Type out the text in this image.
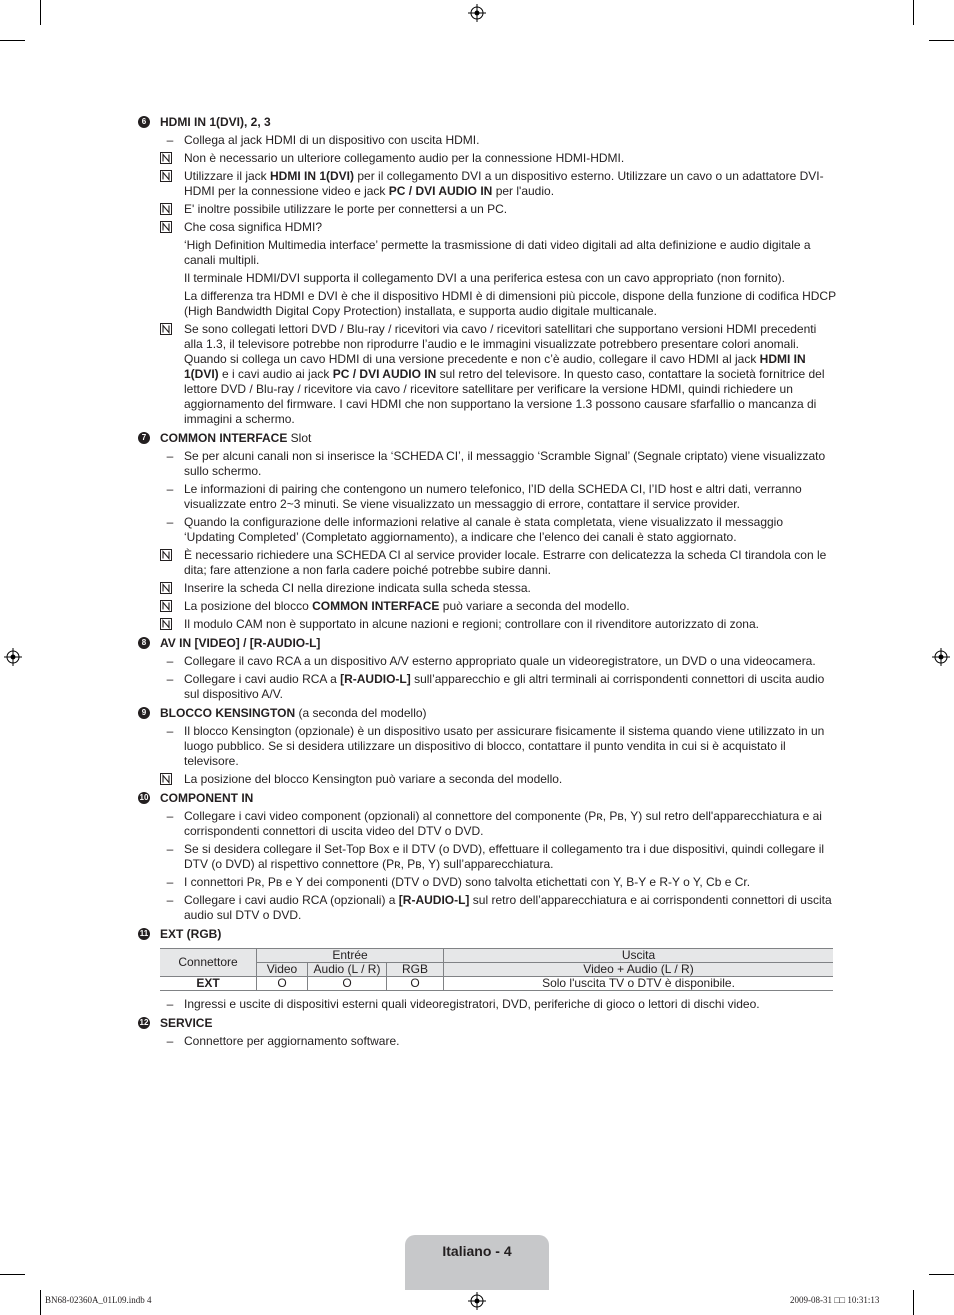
6	HDMI IN 1(DVI), 2, 3
– Collega al jack HDMI di un dispositivo con uscita HDMI.
Non è necessario un ulteriore collegamento audio per la connessione HDMI-HDMI.
Utilizzare il jack HDMI IN 1(DVI) per il collegamento DVI a un dispositivo esterno. Utilizzare un cavo o un adattatore DVI-HDMI per la connessione video e jack PC / DVI AUDIO IN per l'audio.
E' inoltre possibile utilizzare le porte per connettersi a un PC.
Che cosa significa HDMI?
‘High Definition Multimedia interface’ permette la trasmissione di dati video digitali ad alta definizione e audio digitale a canali multipli.
Il terminale HDMI/DVI supporta il collegamento DVI a una periferica estesa con un cavo appropriato (non fornito).
La differenza tra HDMI e DVI è che il dispositivo HDMI è di dimensioni più piccole, dispone della funzione di codifica HDCP (High Bandwidth Digital Copy Protection) installata, e supporta audio digitale multicanale.
Se sono collegati lettori DVD / Blu-ray / ricevitori via cavo / ricevitori satellitari che supportano versioni HDMI precedenti alla 1.3, il televisore potrebbe non riprodurre l’audio e le immagini visualizzate potrebbero presentare colori anomali. Quando si collega un cavo HDMI di una versione precedente e non c’è audio, collegare il cavo HDMI al jack HDMI IN 1(DVI) e i cavi audio ai jack PC / DVI AUDIO IN sul retro del televisore. In questo caso, contattare la società fornitrice del lettore DVD / Blu-ray / ricevitore via cavo / ricevitore satellitare per verificare la versione HDMI, quindi richiedere un aggiornamento del firmware. I cavi HDMI che non supportano la versione 1.3 possono causare sfarfallio o mancanza di immagini a schermo.
7	COMMON INTERFACE Slot
– Se per alcuni canali non si inserisce la ‘SCHEDA CI’, il messaggio ‘Scramble Signal’ (Segnale criptato) viene visualizzato sullo schermo.
– Le informazioni di pairing che contengono un numero telefonico, l’ID della SCHEDA CI, l’ID host e altri dati, verranno visualizzate entro 2~3 minuti. Se viene visualizzato un messaggio di errore, contattare il service provider.
– Quando la configurazione delle informazioni relative al canale è stata completata, viene visualizzato il messaggio ‘Updating Completed’ (Completato aggiornamento), a indicare che l’elenco dei canali è stato aggiornato.
È necessario richiedere una SCHEDA CI al service provider locale. Estrarre con delicatezza la scheda CI tirandola con le dita; fare attenzione a non farla cadere poiché potrebbe subire danni.
Inserire la scheda CI nella direzione indicata sulla scheda stessa.
La posizione del blocco COMMON INTERFACE può variare a seconda del modello.
Il modulo CAM non è supportato in alcune nazioni e regioni; controllare con il rivenditore autorizzato di zona.
8	AV IN [VIDEO] / [R-AUDIO-L]
– Collegare il cavo RCA a un dispositivo A/V esterno appropriato quale un videoregistratore, un DVD o una videocamera.
– Collegare i cavi audio RCA a [R-AUDIO-L] sull’apparecchio e gli altri terminali ai corrispondenti connettori di uscita audio sul dispositivo A/V.
9	BLOCCO KENSINGTON (a seconda del modello)
– Il blocco Kensington (opzionale) è un dispositivo usato per assicurare fisicamente il sistema quando viene utilizzato in un luogo pubblico. Se si desidera utilizzare un dispositivo di blocco, contattare il punto vendita in cui si è acquistato il televisore.
La posizione del blocco Kensington può variare a seconda del modello.
10 COMPONENT IN
– Collegare i cavi video component (opzionali) al connettore del componente (Pʀ, Pʙ, Y) sul retro dell'apparecchiatura e ai corrispondenti connettori di uscita video del DTV o DVD.
– Se si desidera collegare il Set-Top Box e il DTV (o DVD), effettuare il collegamento tra i due dispositivi, quindi collegare il DTV (o DVD) al rispettivo connettore (Pʀ, Pʙ, Y) sull’apparecchiatura.
– I connettori Pʀ, Pʙ e Y dei componenti (DTV o DVD) sono talvolta etichettati con Y, B-Y e R-Y o Y, Cb e Cr.
– Collegare i cavi audio RCA (opzionali) a [R-AUDIO-L] sul retro dell’apparecchiatura e ai corrispondenti connettori di uscita audio sul DTV o DVD.
11 EXT (RGB)
Connettore	Entrée			Uscita
	Video	Audio (L / R)	RGB	Video + Audio (L / R)
EXT	O	O	O	Solo l'uscita TV o DTV è disponibile.
– Ingressi e uscite di dispositivi esterni quali videoregistratori, DVD, periferiche di gioco o lettori di dischi video.
12 SERVICE
– Connettore per aggiornamento software.
Italiano - 4
BN68-02360A_01L09.indb 4	2009-08-31 □□ 10:31:13
